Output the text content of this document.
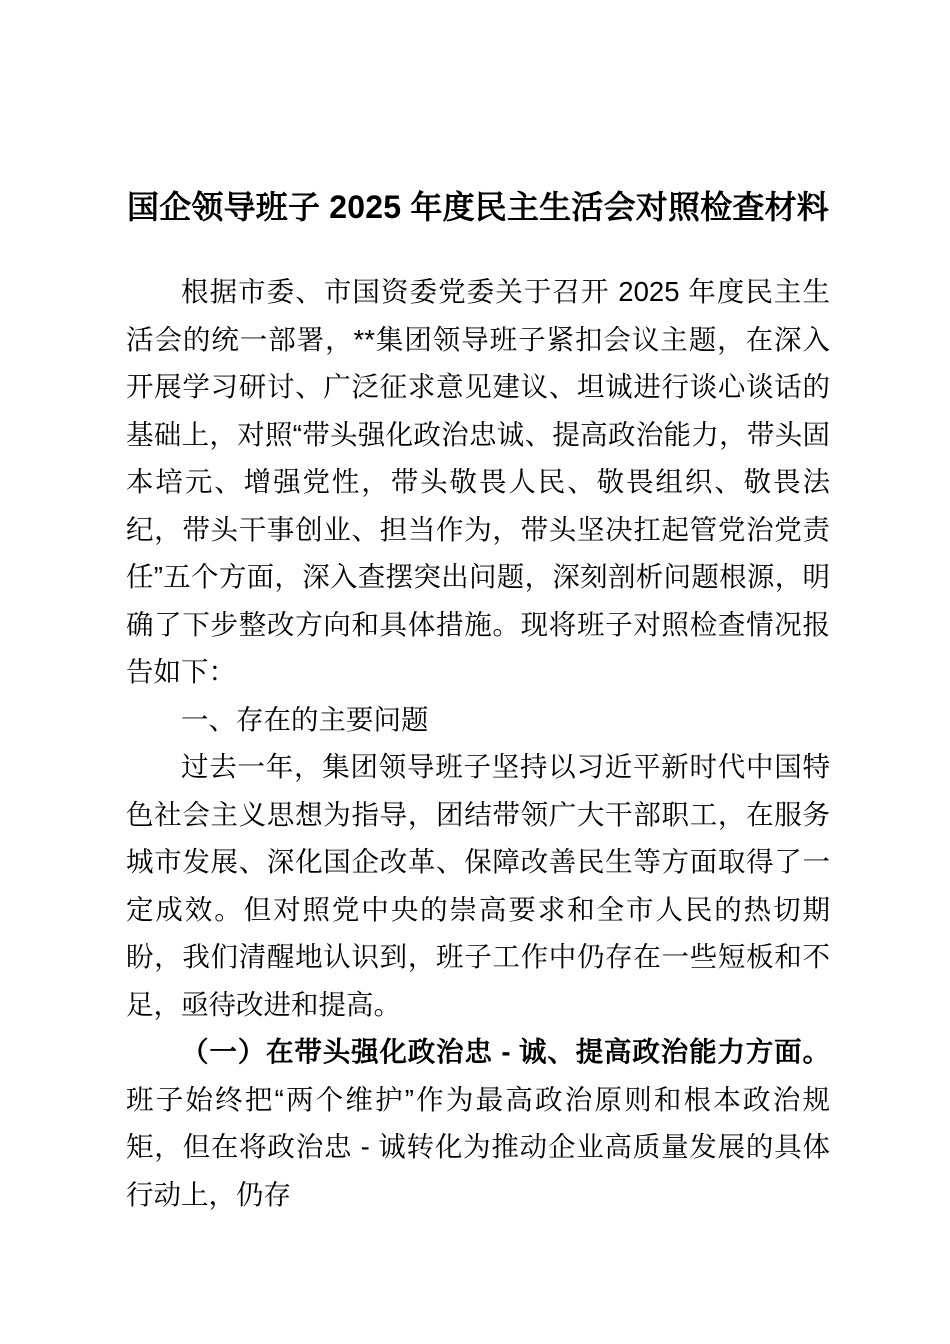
国企领导班子 2025 年度民主生活会对照检查材料

根据市委、市国资委党委关于召开 2025 年度民主生活会的统一部署，**集团领导班子紧扣会议主题，在深入开展学习研讨、广泛征求意见建议、坦诚进行谈心谈话的基础上，对照“带头强化政治忠诚、提高政治能力，带头固本培元、增强党性，带头敬畏人民、敬畏组织、敬畏法纪，带头干事创业、担当作为，带头坚决扛起管党治党责任”五个方面，深入查摆突出问题，深刻剖析问题根源，明确了下步整改方向和具体措施。现将班子对照检查情况报告如下：

一、存在的主要问题

过去一年，集团领导班子坚持以习近平新时代中国特色社会主义思想为指导，团结带领广大干部职工，在服务城市发展、深化国企改革、保障改善民生等方面取得了一定成效。但对照党中央的崇高要求和全市人民的热切期盼，我们清醒地认识到，班子工作中仍存在一些短板和不足，亟待改进和提高。

（一）在带头强化政治忠 - 诚、提高政治能力方面。班子始终把“两个维护”作为最高政治原则和根本政治规矩，但在将政治忠 - 诚转化为推动企业高质量发展的具体行动上，仍存
